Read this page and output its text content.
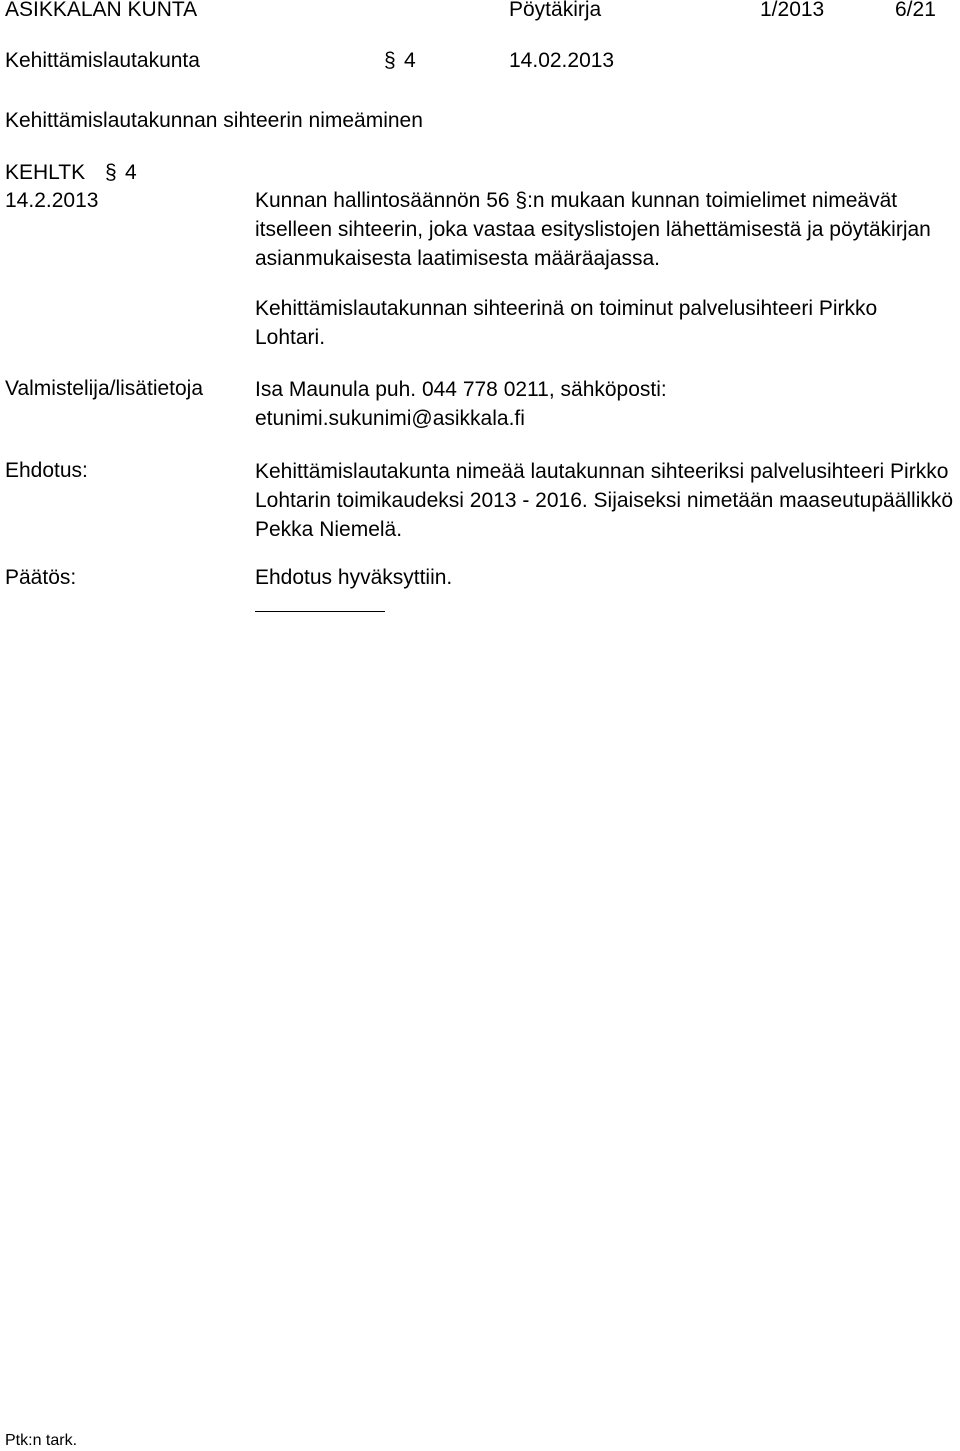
ASIKKALAN KUNTA	Pöytäkirja	1/2013	6/21
Kehittämislautakunta	§ 4	14.02.2013
Kehittämislautakunnan sihteerin nimeäminen
KEHLTK § 4
14.2.2013	Kunnan hallintosäännön 56 §:n mukaan kunnan toimielimet nimeävät itselleen sihteerin, joka vastaa esityslistojen lähettämisestä ja pöytäkirjan asianmukaisesta laatimisesta määräajassa.
Kehittämislautakunnan sihteerinä on toiminut palvelusihteeri Pirkko Lohtari.
Valmistelija/lisätietoja Isa Maunula puh. 044 778 0211, sähköposti: etunimi.sukunimi@asikkala.fi
Ehdotus:	Kehittämislautakunta nimeää lautakunnan sihteeriksi palvelusihteeri Pirkko Lohtarin toimikaudeksi 2013 - 2016. Sijaiseksi nimetään maaseutupäällikkö Pekka Niemelä.
Päätös:	Ehdotus hyväksyttiin.
Ptk:n tark.
